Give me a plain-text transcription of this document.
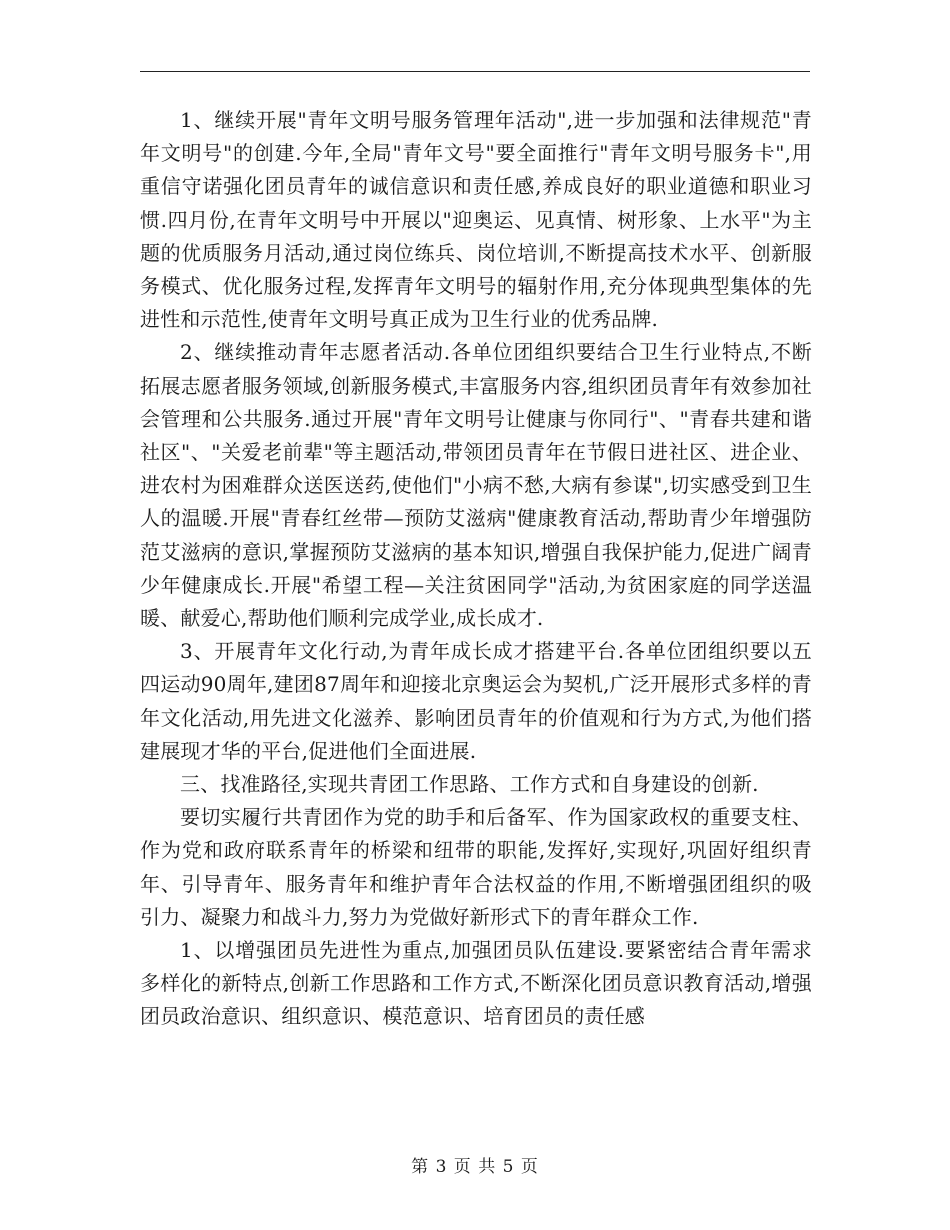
1、继续开展"青年文明号服务管理年活动",进一步加强和法律规范"青年文明号"的创建.今年,全局"青年文号"要全面推行"青年文明号服务卡",用重信守诺强化团员青年的诚信意识和责任感,养成良好的职业道德和职业习惯.四月份,在青年文明号中开展以"迎奥运、见真情、树形象、上水平"为主题的优质服务月活动,通过岗位练兵、岗位培训,不断提高技术水平、创新服务模式、优化服务过程,发挥青年文明号的辐射作用,充分体现典型集体的先进性和示范性,使青年文明号真正成为卫生行业的优秀品牌.

2、继续推动青年志愿者活动.各单位团组织要结合卫生行业特点,不断拓展志愿者服务领域,创新服务模式,丰富服务内容,组织团员青年有效参加社会管理和公共服务.通过开展"青年文明号让健康与你同行"、"青春共建和谐社区"、"关爱老前辈"等主题活动,带领团员青年在节假日进社区、进企业、进农村为困难群众送医送药,使他们"小病不愁,大病有参谋",切实感受到卫生人的温暖.开展"青春红丝带—预防艾滋病"健康教育活动,帮助青少年增强防范艾滋病的意识,掌握预防艾滋病的基本知识,增强自我保护能力,促进广阔青少年健康成长.开展"希望工程—关注贫困同学"活动,为贫困家庭的同学送温暖、献爱心,帮助他们顺利完成学业,成长成才.

3、开展青年文化行动,为青年成长成才搭建平台.各单位团组织要以五四运动90周年,建团87周年和迎接北京奥运会为契机,广泛开展形式多样的青年文化活动,用先进文化滋养、影响团员青年的价值观和行为方式,为他们搭建展现才华的平台,促进他们全面进展.

三、找准路径,实现共青团工作思路、工作方式和自身建设的创新.

要切实履行共青团作为党的助手和后备军、作为国家政权的重要支柱、作为党和政府联系青年的桥梁和纽带的职能,发挥好,实现好,巩固好组织青年、引导青年、服务青年和维护青年合法权益的作用,不断增强团组织的吸引力、凝聚力和战斗力,努力为党做好新形式下的青年群众工作.

1、以增强团员先进性为重点,加强团员队伍建设.要紧密结合青年需求多样化的新特点,创新工作思路和工作方式,不断深化团员意识教育活动,增强团员政治意识、组织意识、模范意识、培育团员的责任感

第 3 页 共 5 页
